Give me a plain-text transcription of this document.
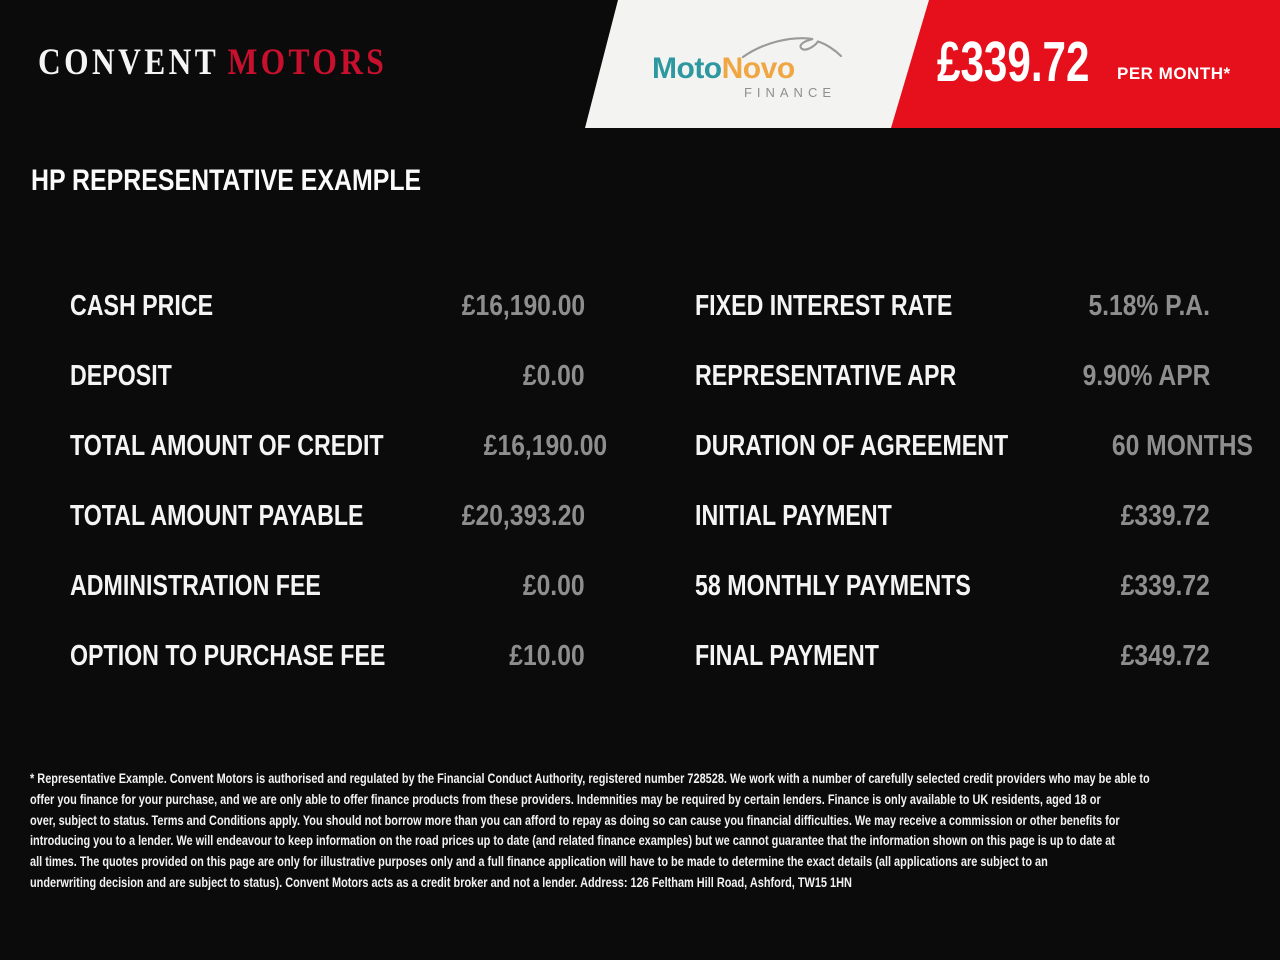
CONVENT MOTORS	MotoNovo
FINANCE £339.72 PER MONTH*
HP REPRESENTATIVE EXAMPLE
CASH PRICE	£16,190.00
DEPOSIT	£0.00
TOTAL AMOUNT OF CREDIT	£16,190.00
TOTAL AMOUNT PAYABLE	£20,393.20
ADMINISTRATION FEE	£0.00
OPTION TO PURCHASE FEE	£10.00
FIXED INTEREST RATE	5.18% P.A.
REPRESENTATIVE APR	9.90% APR
DURATION OF AGREEMENT	60 MONTHS
INITIAL PAYMENT	£339.72
58 MONTHLY PAYMENTS	£339.72
FINAL PAYMENT	£349.72
* Representative Example. Convent Motors is authorised and regulated by the Financial Conduct Authority, registered number 728528. We work with a number of carefully selected credit providers who may be able to
offer you finance for your purchase, and we are only able to offer finance products from these providers. Indemnities may be required by certain lenders. Finance is only available to UK residents, aged 18 or
over, subject to status. Terms and Conditions apply. You should not borrow more than you can afford to repay as doing so can cause you financial difficulties. We may receive a commission or other benefits for
introducing you to a lender. We will endeavour to keep information on the road prices up to date (and related finance examples) but we cannot guarantee that the information shown on this page is up to date at
all times. The quotes provided on this page are only for illustrative purposes only and a full finance application will have to be made to determine the exact details (all applications are subject to an
underwriting decision and are subject to status). Convent Motors acts as a credit broker and not a lender. Address: 126 Feltham Hill Road, Ashford, TW15 1HN
